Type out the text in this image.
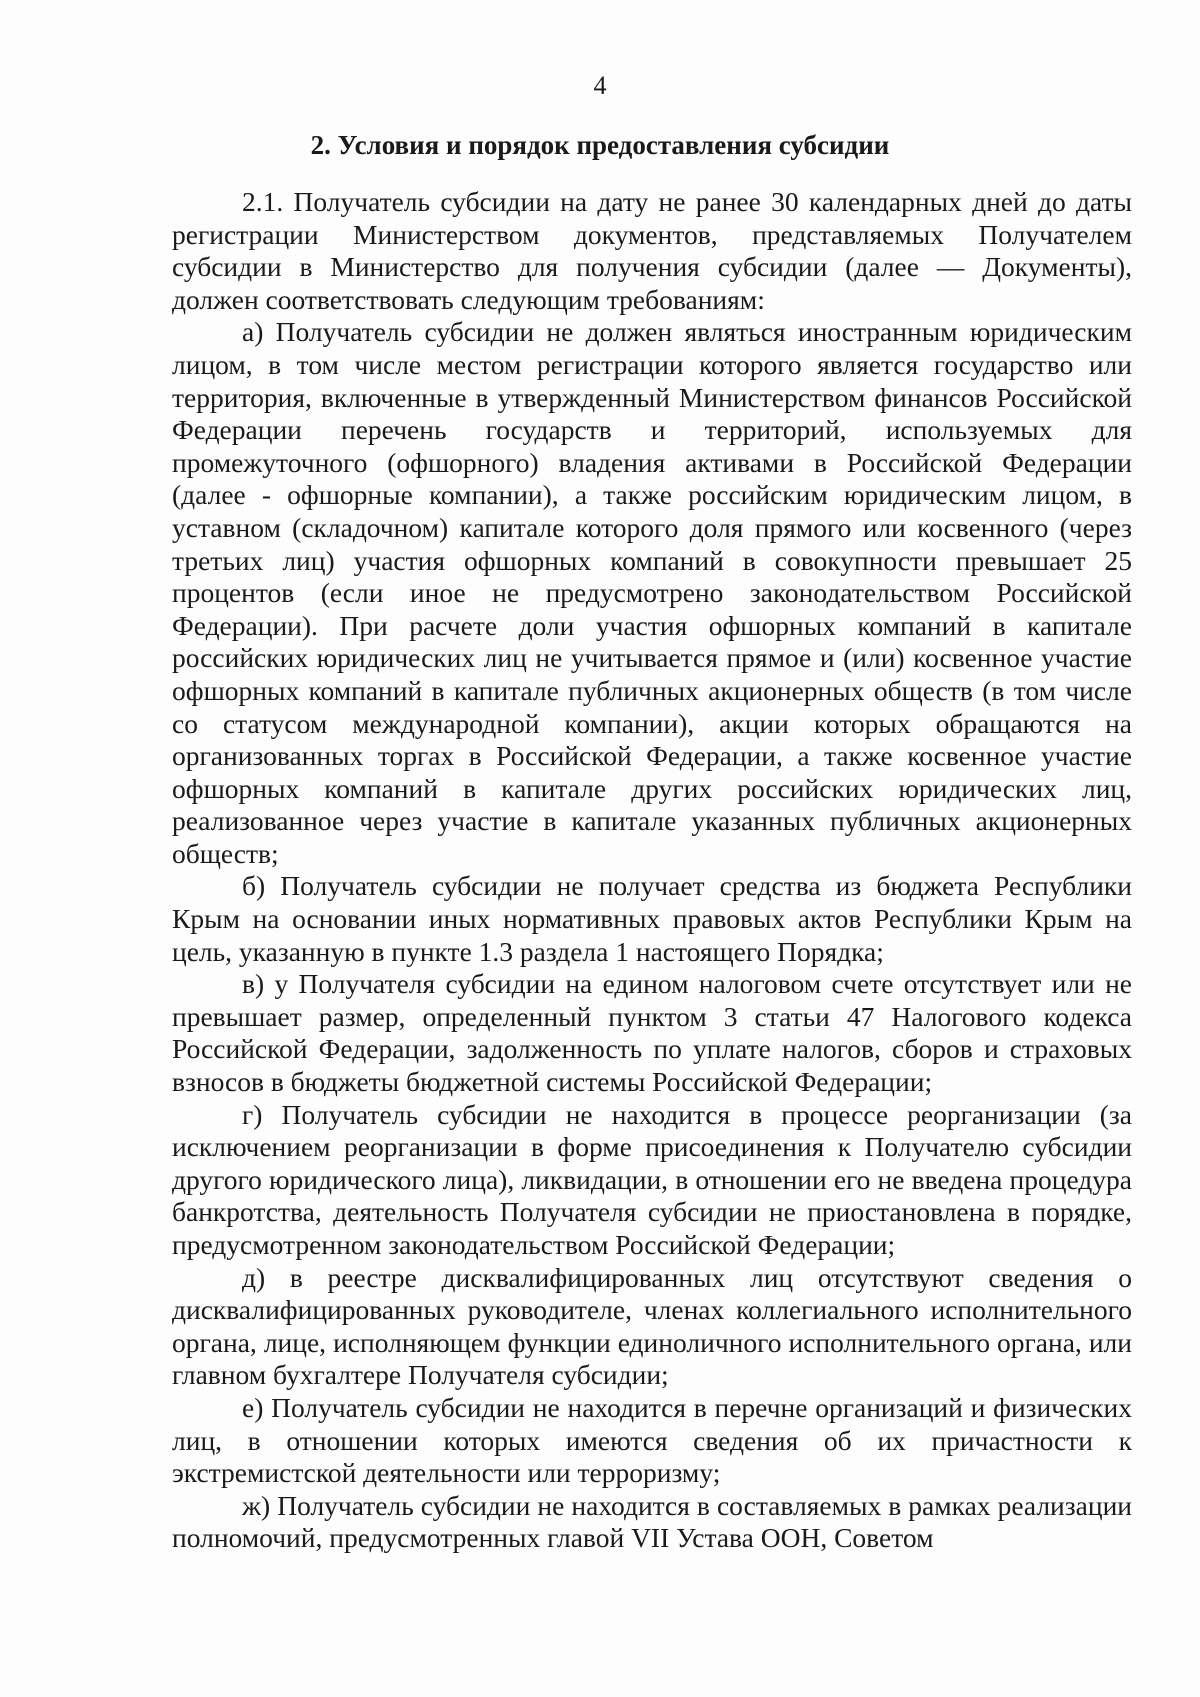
4
2. Условия и порядок предоставления субсидии

2.1. Получатель субсидии на дату не ранее 30 календарных дней до даты регистрации Министерством документов, представляемых Получателем субсидии в Министерство для получения субсидии (далее — Документы), должен соответствовать следующим требованиям:

а) Получатель субсидии не должен являться иностранным юридическим лицом, в том числе местом регистрации которого является государство или территория, включенные в утвержденный Министерством финансов Российской Федерации перечень государств и территорий, используемых для промежуточного (офшорного) владения активами в Российской Федерации (далее - офшорные компании), а также российским юридическим лицом, в уставном (складочном) капитале которого доля прямого или косвенного (через третьих лиц) участия офшорных компаний в совокупности превышает 25 процентов (если иное не предусмотрено законодательством Российской Федерации). При расчете доли участия офшорных компаний в капитале российских юридических лиц не учитывается прямое и (или) косвенное участие офшорных компаний в капитале публичных акционерных обществ (в том числе со статусом международной компании), акции которых обращаются на организованных торгах в Российской Федерации, а также косвенное участие офшорных компаний в капитале других российских юридических лиц, реализованное через участие в капитале указанных публичных акционерных обществ;

б) Получатель субсидии не получает средства из бюджета Республики Крым на основании иных нормативных правовых актов Республики Крым на цель, указанную в пункте 1.3 раздела 1 настоящего Порядка;

в) у Получателя субсидии на едином налоговом счете отсутствует или не превышает размер, определенный пунктом 3 статьи 47 Налогового кодекса Российской Федерации, задолженность по уплате налогов, сборов и страховых взносов в бюджеты бюджетной системы Российской Федерации;

г) Получатель субсидии не находится в процессе реорганизации (за исключением реорганизации в форме присоединения к Получателю субсидии другого юридического лица), ликвидации, в отношении его не введена процедура банкротства, деятельность Получателя субсидии не приостановлена в порядке, предусмотренном законодательством Российской Федерации;

д) в реестре дисквалифицированных лиц отсутствуют сведения о дисквалифицированных руководителе, членах коллегиального исполнительного органа, лице, исполняющем функции единоличного исполнительного органа, или главном бухгалтере Получателя субсидии;

е) Получатель субсидии не находится в перечне организаций и физических лиц, в отношении которых имеются сведения об их причастности к экстремистской деятельности или терроризму;

ж) Получатель субсидии не находится в составляемых в рамках реализации полномочий, предусмотренных главой VII Устава ООН, Советом
